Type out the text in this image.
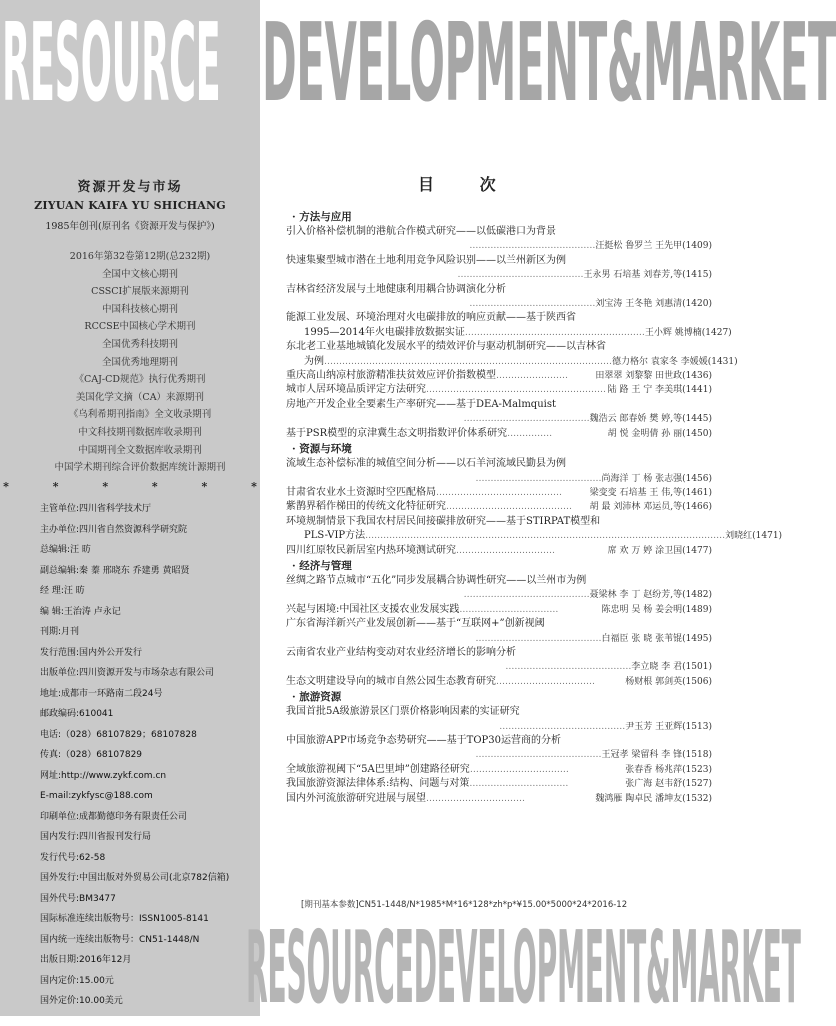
RESOURCE DEVELOPMENT&MARKET
RESOURCEDEVELOPMENT&MARKET

资源开发与市场

ZIYUAN KAIFA YU SHICHANG

1985年创刊(原刊名《资源开发与保护》)

2016年第32卷第12期(总232期)

全国中文核心期刊

CSSCI扩展版来源期刊

中国科技核心期刊

RCCSE中国核心学术期刊

全国优秀科技期刊

全国优秀地理期刊

《CAJ-CD规范》执行优秀期刊

美国化学文摘（CA）来源期刊

《乌利希期刊指南》全文收录期刊

中文科技期刊数据库收录期刊

中国期刊全文数据库收录期刊

中国学术期刊综合评价数据库统计源期刊

* * * * * *

主管单位:四川省科学技术厅

主办单位:四川省自然资源科学研究院

总编辑:汪 昉

副总编辑:秦 蓁 邢晓东 乔建勇 黄昭贤

经 理:汪 昉

编 辑:王治涛 卢永记

刊期:月刊

发行范围:国内外公开发行

出版单位:四川资源开发与市场杂志有限公司

地址:成都市一环路南二段24号

邮政编码:610041

电话:（028）68107829；68107828

传真:（028）68107829

网址:http://www.zykf.com.cn

E-mail:zykfysc@188.com

印刷单位:成都勤德印务有限责任公司

国内发行:四川省报刊发行局

发行代号:62-58

国外发行:中国出版对外贸易公司(北京782信箱)

国外代号:BM3477

国际标准连续出版物号：ISSN1005-8141

国内统一连续出版物号：CN51-1448/N

出版日期:2016年12月

国内定价:15.00元

国外定价:10.00美元

目 次

· 方法与应用

引入价格补偿机制的港航合作模式研究——以低碳港口为背景

……………………………………汪挺松 鲁罗兰 王先甲(1409)

快速集聚型城市潜在土地利用竞争风险识别——以兰州新区为例

……………………………………王永男 石培基 刘春芳,等(1415)

吉林省经济发展与土地健康利用耦合协调演化分析

……………………………………刘宝涛 王冬艳 刘惠清(1420)

能源工业发展、环境治理对火电碳排放的响应贡献——基于陕西省

1995—2014年火电碳排放数据实证 …………………………………………………… 王小辉 姚博楠(1427)

东北老工业基地城镇化发展水平的绩效评价与驱动机制研究——以吉林省

为例 …………………………………………………………………………………… 德力格尔 袁家冬 李媛媛(1431)
重庆高山纳凉村旅游精准扶贫效应评价指数模型 ……………………	田翠翠 刘黎黎 田世政(1436)
城市人居环境品质评定方法研究 …………………………………………………… 陆 路 王 宁 李美琪(1441)

房地产开发企业全要素生产率研究——基于DEA-Malmquist

……………………………………魏浩云 郎春娇 樊 婷,等(1445)

基于PSR模型的京津冀生态文明指数评价体系研究 ……………	胡 悦 金明倩 孙 丽(1450)

· 资源与环境

流域生态补偿标准的城值空间分析——以石羊河流域民勤县为例

……………………………………尚海洋 丁 杨 张志强(1456)

甘肃省农业水土资源时空匹配格局 ……………………………………	梁变变 石培基 王 伟,等(1461)
紫鹊界稻作梯田的传统文化特征研究 ……………………………………	胡 最 刘沛林 邓运员,等(1466)

环境规制情景下我国农村居民间接碳排放研究——基于STIRPAT模型和

PLS-VIP方法 ………………………………………………………………………………………………………… 刘晓红(1471)
四川红原牧民新居室内热环境测试研究 ……………………………	席 欢 万 婷 涂卫国(1477)

· 经济与管理

丝绸之路节点城市“五化”同步发展耦合协调性研究——以兰州市为例

……………………………………聂梁林 李 丁 赵纷芳,等(1482)

兴起与困境:中国社区支援农业发展实践 ……………………………	陈忠明 吴 杨 姜会明(1489)

广东省海洋新兴产业发展创新——基于“互联网+”创新视阈

……………………………………白福臣 张 晓 张苇锟(1495)

云南省农业产业结构变动对农业经济增长的影响分析

……………………………………李立晓 李 君(1501)

生态文明建设导向的城市自然公园生态教育研究 ……………………………	杨财根 郭剑英(1506)

· 旅游资源

我国首批5A级旅游景区门票价格影响因素的实证研究

……………………………………尹玉芳 王亚辉(1513)

中国旅游APP市场竞争态势研究——基于TOP30运营商的分析

……………………………………王冠孝 梁留科 李 锋(1518)

全域旅游视阈下“5A巴里坤”创建路径研究 ……………………………	张春香 杨兆萍(1523)
我国旅游资源法律体系:结构、问题与对策 ……………………………	张广海 赵韦舒(1527)
国内外河流旅游研究进展与展望 ……………………………	魏鸿雁 陶卓民 潘坤友(1532)
[期刊基本参数]CN51-1448/N*1985*M*16*128*zh*p*¥15.00*5000*24*2016-12
